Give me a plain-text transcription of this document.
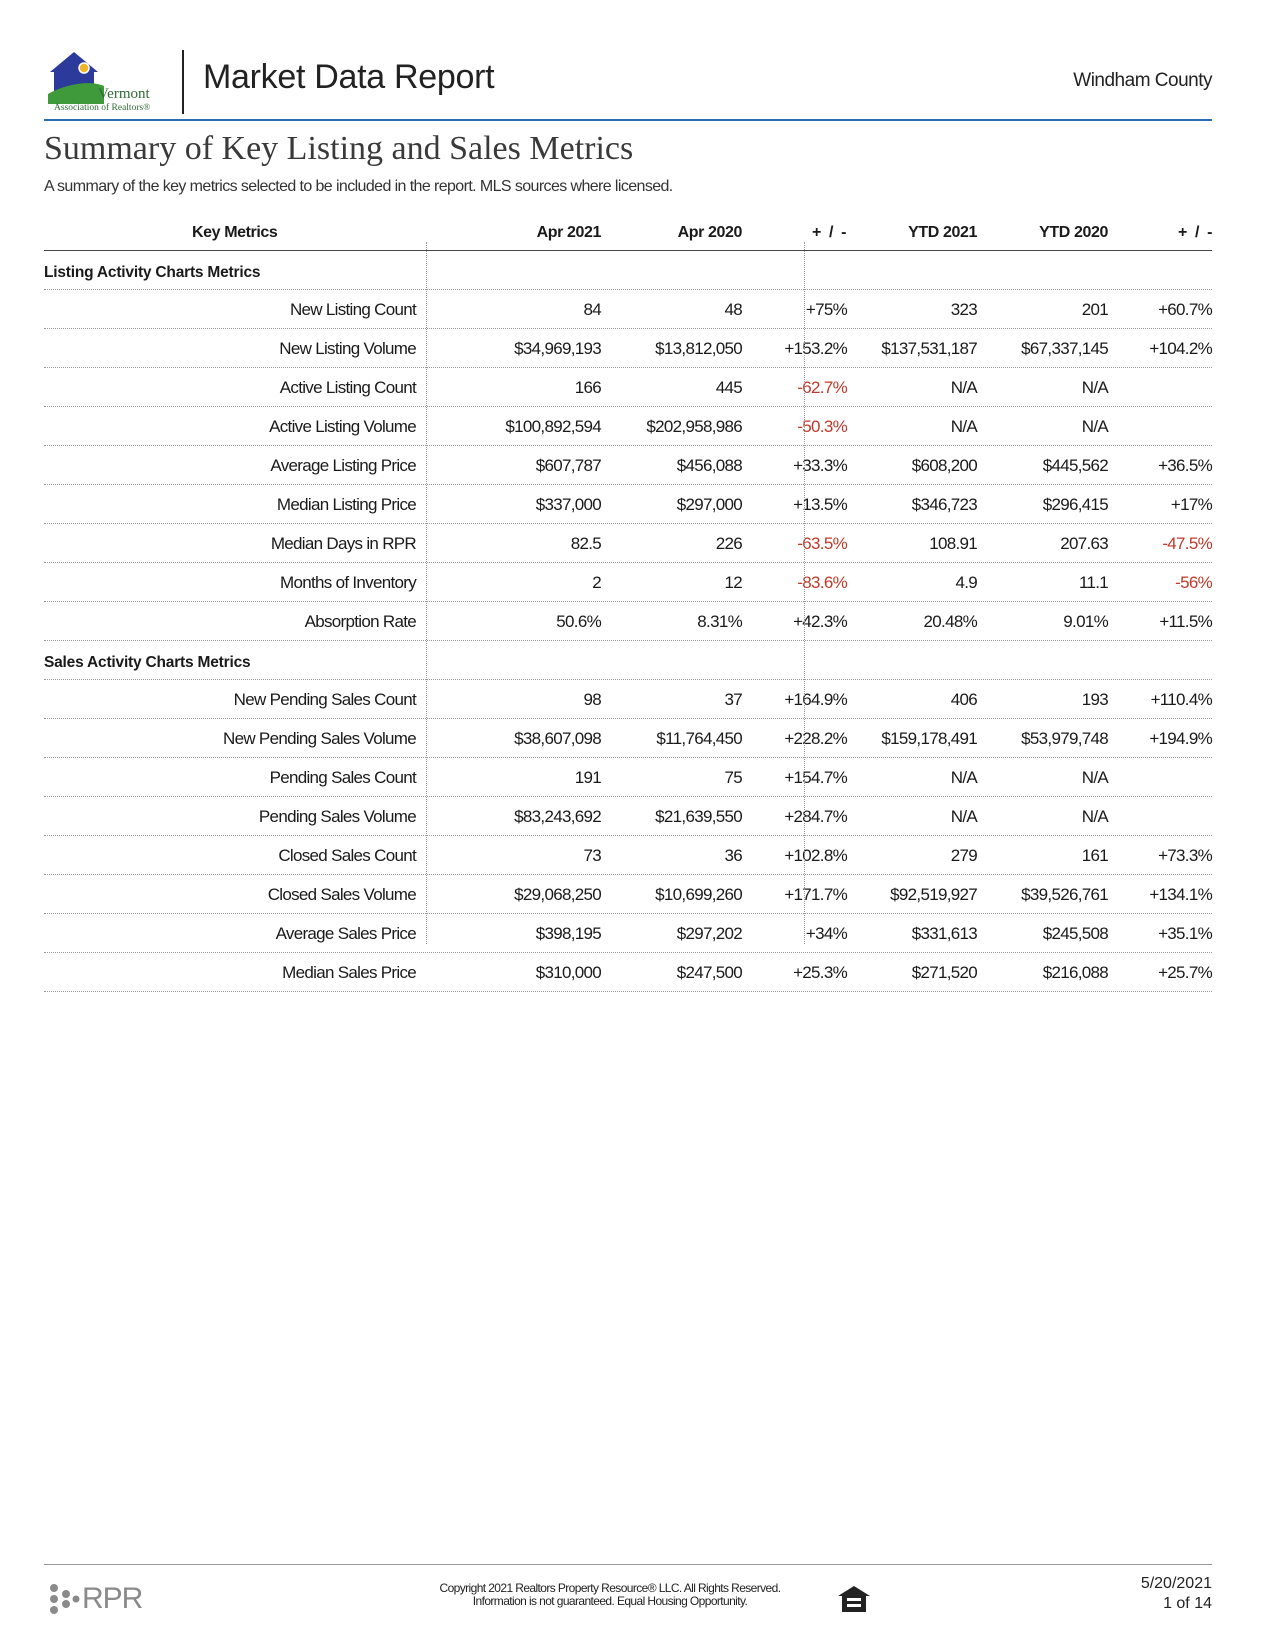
Vermont
Association of Realtors®
Market Data Report	Windham County
Summary of Key Listing and Sales Metrics
A summary of the key metrics selected to be included in the report. MLS sources where licensed.
Key Metrics	Apr 2021	Apr 2020	+ / -	YTD 2021	YTD 2020	+ / -
Listing Activity Charts Metrics
New Listing Count	84	48	+75%	323	201	+60.7%
New Listing Volume	$34,969,193	$13,812,050 +153.2% $137,531,187	$67,337,145 +104.2%
Active Listing Count	166	445	-62.7%	N/A	N/A
Active Listing Volume	$100,892,594	$202,958,986	-50.3%	N/A	N/A
Average Listing Price	$607,787	$456,088	+33.3%	$608,200	$445,562	+36.5%
Median Listing Price	$337,000	$297,000	+13.5%	$346,723	$296,415	+17%
Median Days in RPR	82.5	226	-63.5%	108.91	207.63	-47.5%
Months of Inventory	2	12	-83.6%	4.9	11.1	-56%
Absorption Rate	50.6%	8.31%	+42.3%	20.48%	9.01%	+11.5%
Sales Activity Charts Metrics
New Pending Sales Count	98	37 +164.9%	406	193	+110.4%
New Pending Sales Volume	$38,607,098	$11,764,450 +228.2% $159,178,491	$53,979,748 +194.9%
Pending Sales Count	191	75 +154.7%	N/A	N/A
Pending Sales Volume	$83,243,692	$21,639,550 +284.7%	N/A	N/A
Closed Sales Count	73	36 +102.8%	279	161	+73.3%
Closed Sales Volume	$29,068,250	$10,699,260 +171.7%	$92,519,927	$39,526,761 +134.1%
Average Sales Price	$398,195	$297,202	+34%	$331,613	$245,508	+35.1%
Median Sales Price	$310,000	$247,500	+25.3%	$271,520	$216,088	+25.7%
RPR	Copyright 2021 Realtors Property Resource® LLC. All Rights Reserved.
Information is not guaranteed. Equal Housing Opportunity.
5/20/2021
1 of 14
